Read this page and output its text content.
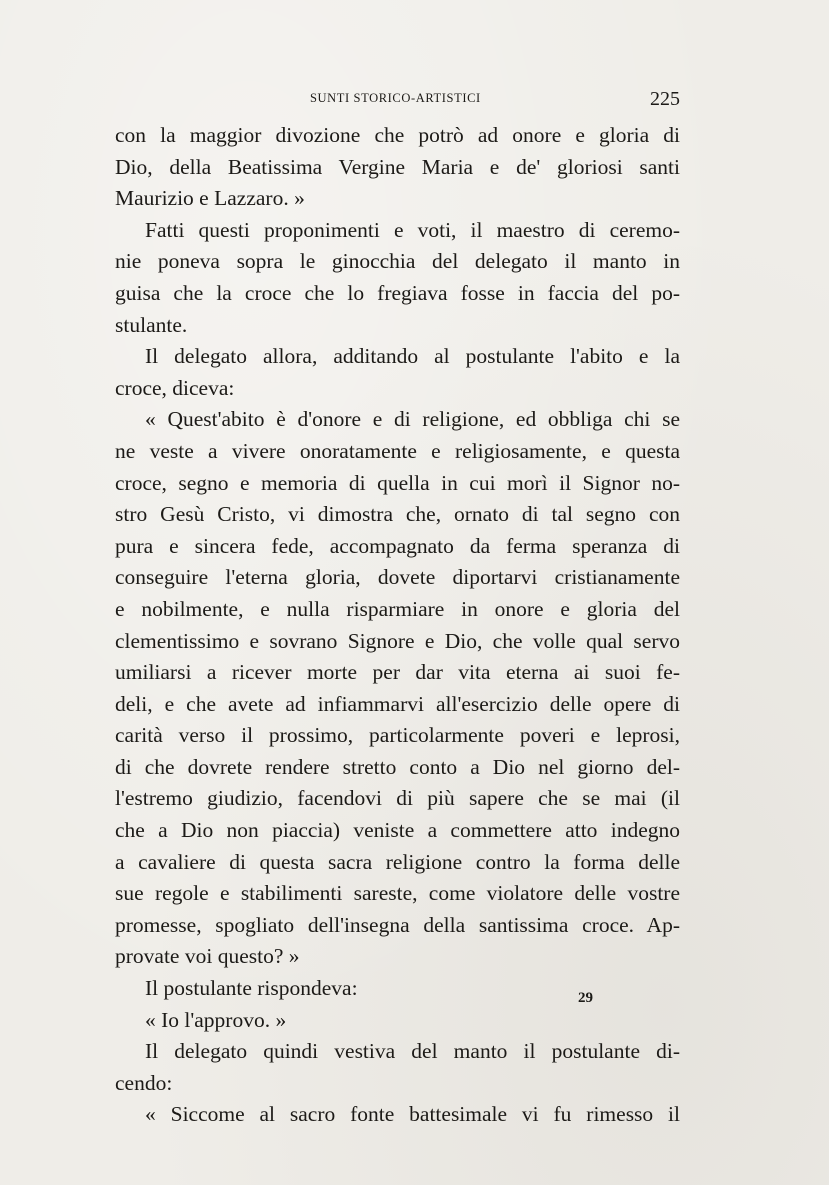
SUNTI STORICO-ARTISTICI	225
con la maggior divozione che potrò ad onore e gloria di
Dio, della Beatissima Vergine Maria e de' gloriosi santi
Maurizio e Lazzaro. »
Fatti questi proponimenti e voti, il maestro di ceremo-
nie poneva sopra le ginocchia del delegato il manto in
guisa che la croce che lo fregiava fosse in faccia del po-
stulante.
Il delegato allora, additando al postulante l'abito e la
croce, diceva:
« Quest'abito è d'onore e di religione, ed obbliga chi se
ne veste a vivere onoratamente e religiosamente, e questa
croce, segno e memoria di quella in cui morì il Signor no-
stro Gesù Cristo, vi dimostra che, ornato di tal segno con
pura e sincera fede, accompagnato da ferma speranza di
conseguire l'eterna gloria, dovete diportarvi cristianamente
e nobilmente, e nulla risparmiare in onore e gloria del
clementissimo e sovrano Signore e Dio, che volle qual servo
umiliarsi a ricever morte per dar vita eterna ai suoi fe-
deli, e che avete ad infiammarvi all'esercizio delle opere di
carità verso il prossimo, particolarmente poveri e leprosi,
di che dovrete rendere stretto conto a Dio nel giorno del-
l'estremo giudizio, facendovi di più sapere che se mai (il
che a Dio non piaccia) veniste a commettere atto indegno
a cavaliere di questa sacra religione contro la forma delle
sue regole e stabilimenti sareste, come violatore delle vostre
promesse, spogliato dell'insegna della santissima croce. Ap-
provate voi questo? »
Il postulante rispondeva:
« Io l'approvo. »
Il delegato quindi vestiva del manto il postulante di-
cendo:
« Siccome al sacro fonte battesimale vi fu rimesso il
29
